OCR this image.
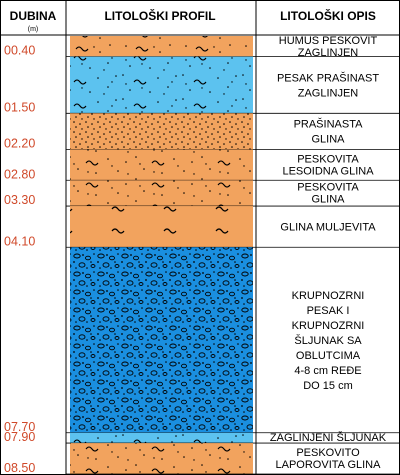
DUBINA
(m)
LITOLOŠKI PROFIL	LITOLOŠKI OPIS
00.40
HUMUS PESKOVIT ZAGLINJEN
01.50
PESAK PRAŠINAST ZAGLINJEN
02.20
PRAŠINASTA GLINA
02.80
PESKOVITA LESOIDNA GLINA
03.30
PESKOVITA GLINA
04.10
GLINA MULJEVITA
07.70
KRUPNOZRNI PESAK I KRUPNOZRNI ŠLJUNAK SA OBLUTCIMA 4-8 cm REĐE DO 15 cm
07.90	ZAGLINJENI ŠLJUNAK
08.50
PESKOVITO LAPOROVITA GLINA
